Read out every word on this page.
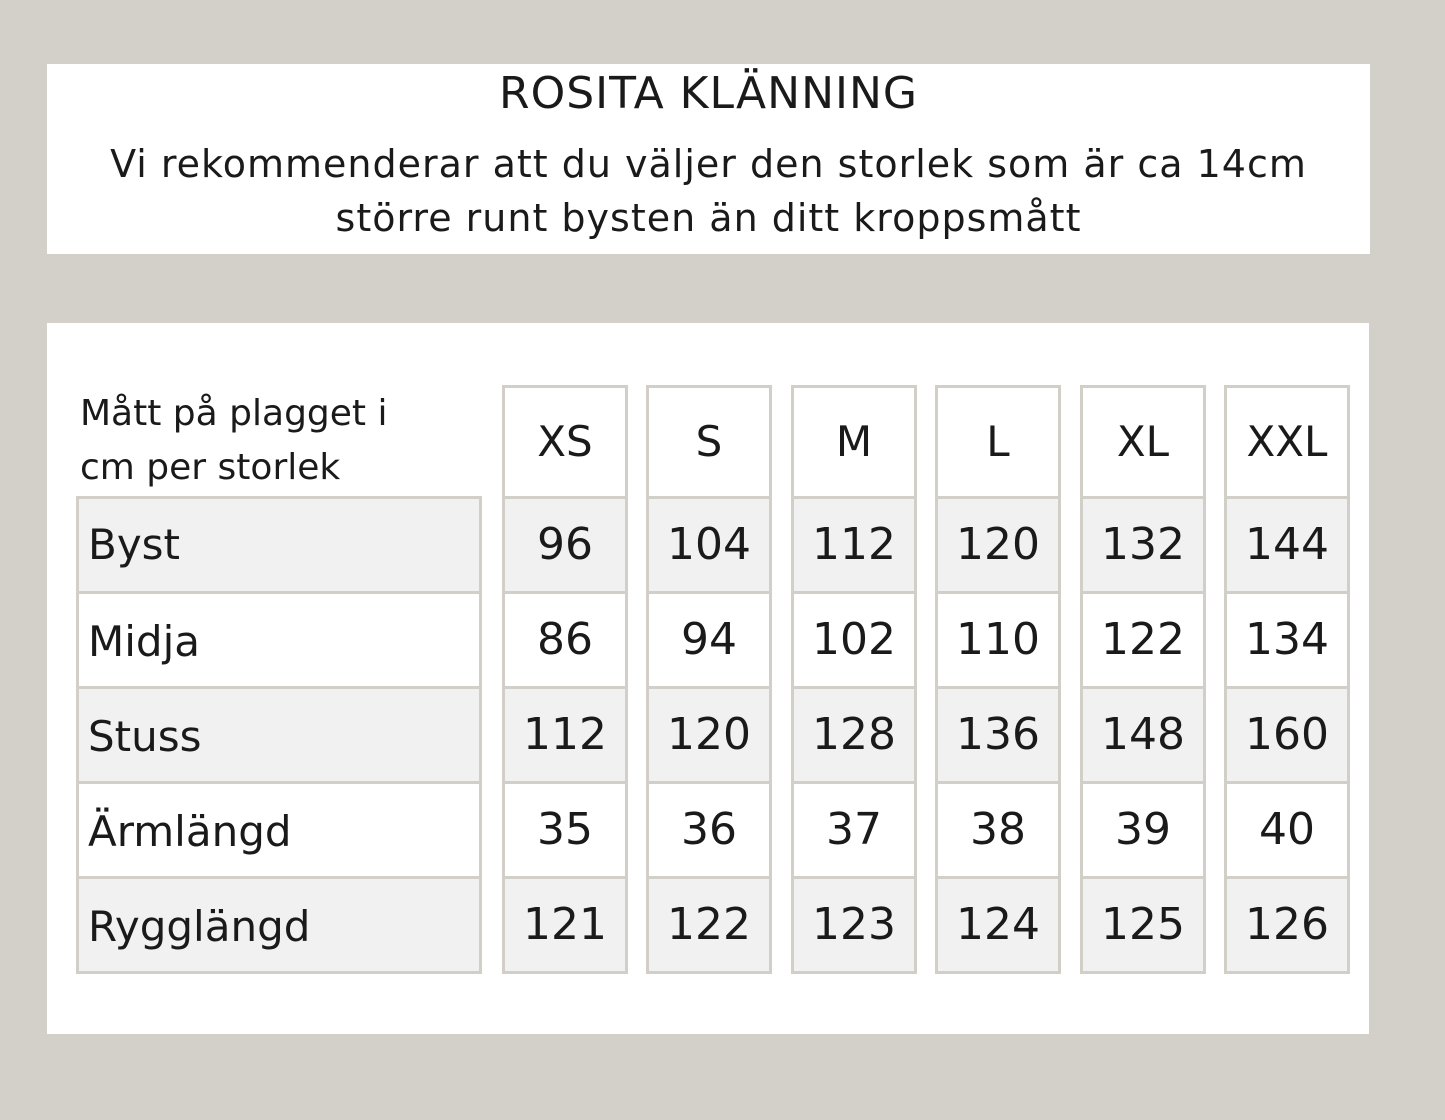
ROSITA KLÄNNING
Vi rekommenderar att du väljer den storlek som är ca 14cm
större runt bysten än ditt kroppsmått
Mått på plagget i
cm per storlek
Byst
Midja
Stuss
Ärmlängd
Rygglängd
XS
96
86
112
35
121
S
104
94
120
36
122
M
112
102
128
37
123
L
120
110
136
38
124
XL
132
122
148
39
125
XXL
144
134
160
40
126
